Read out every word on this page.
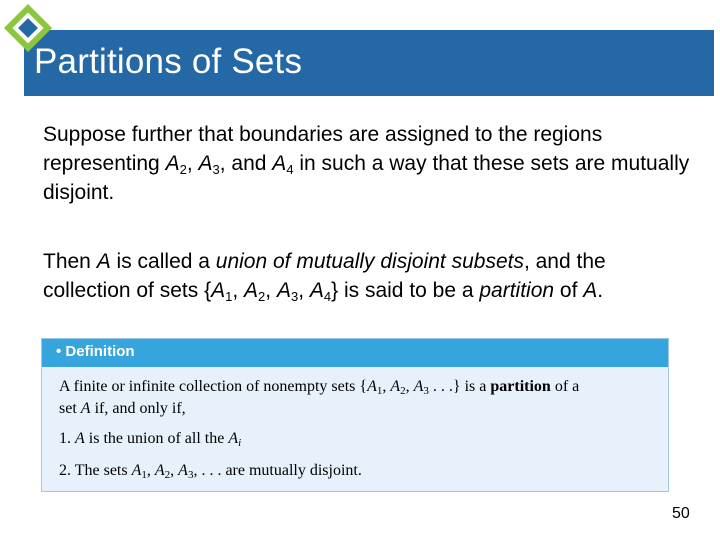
Partitions of Sets
Suppose further that boundaries are assigned to the regions representing $A_2$, $A_3$, and $A_4$ in such a way that these sets are mutually disjoint.
Then A is called a union of mutually disjoint subsets, and the collection of sets {$A_1$, $A_2$, $A_3$, $A_4$} is said to be a partition of A.
• Definition
A finite or infinite collection of nonempty sets {$A_1$, $A_2$, $A_3$ . . .} is a partition of a
set A if, and only if,
1. A is the union of all the $A_i$
2. The sets $A_1$, $A_2$, $A_3$, . . . are mutually disjoint.
50
